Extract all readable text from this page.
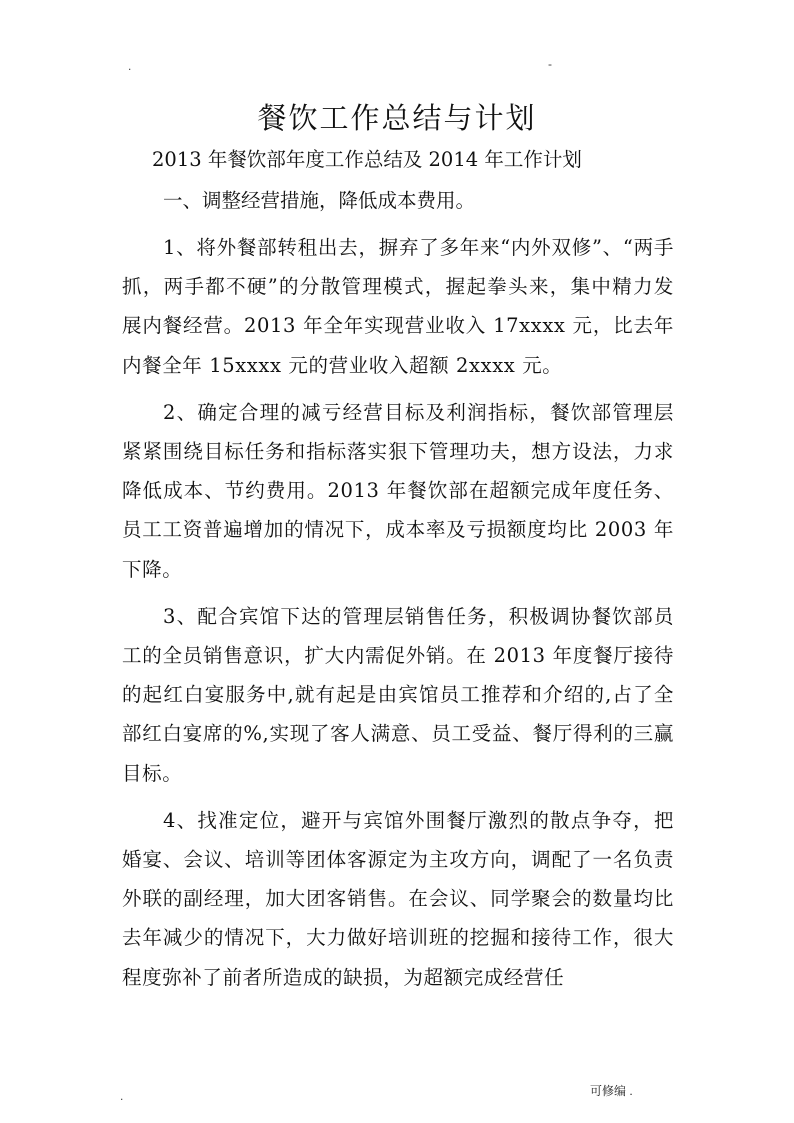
.	-
餐饮工作总结与计划

2013 年餐饮部年度工作总结及 2014 年工作计划

一、调整经营措施，降低成本费用。

1、将外餐部转租出去，摒弃了多年来“内外双修”、“两手抓，两手都不硬”的分散管理模式，握起拳头来，集中精力发展内餐经营。2013 年全年实现营业收入 17xxxx 元，比去年内餐全年 15xxxx 元的营业收入超额 2xxxx 元。

2、确定合理的减亏经营目标及利润指标，餐饮部管理层紧紧围绕目标任务和指标落实狠下管理功夫，想方设法，力求降低成本、节约费用。2013 年餐饮部在超额完成年度任务、员工工资普遍增加的情况下，成本率及亏损额度均比 2003 年下降。

3、配合宾馆下达的管理层销售任务，积极调协餐饮部员工的全员销售意识，扩大内需促外销。在 2013 年度餐厅接待的起红白宴服务中,就有起是由宾馆员工推荐和介绍的,占了全部红白宴席的%,实现了客人满意、员工受益、餐厅得利的三赢目标。

4、找准定位，避开与宾馆外围餐厅激烈的散点争夺，把婚宴、会议、培训等团体客源定为主攻方向，调配了一名负责外联的副经理，加大团客销售。在会议、同学聚会的数量均比去年减少的情况下，大力做好培训班的挖掘和接待工作，很大程度弥补了前者所造成的缺损，为超额完成经营任

.	可修编 .
